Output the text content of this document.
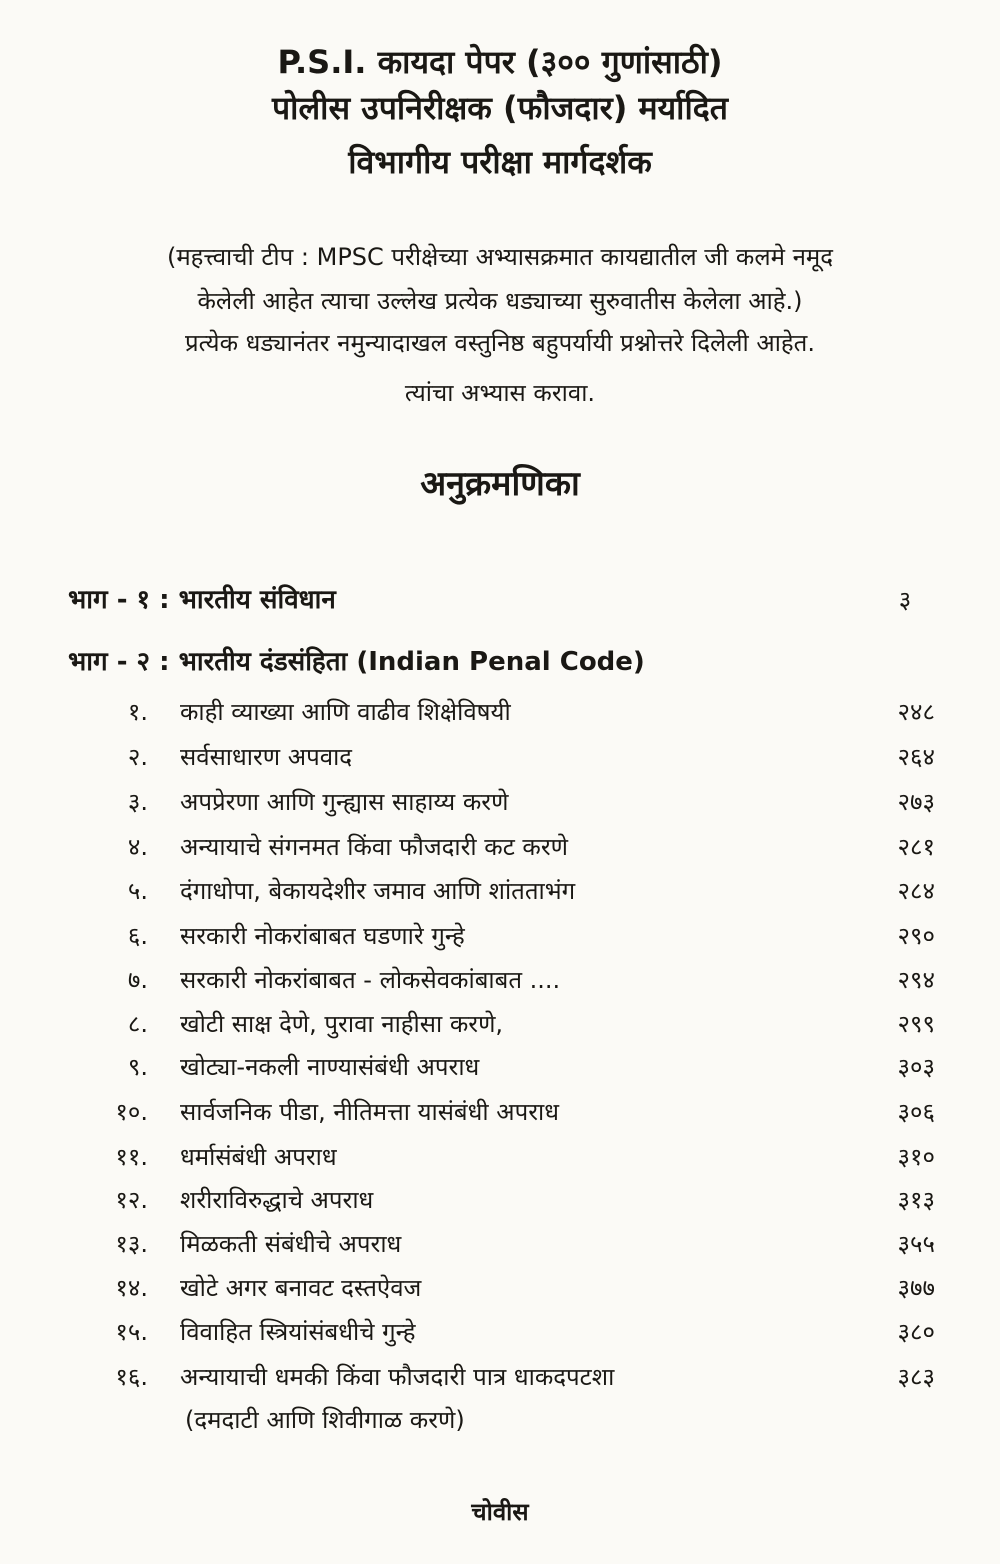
P.S.I. कायदा पेपर (३०० गुणांसाठी)
पोलीस उपनिरीक्षक (फौजदार) मर्यादित
विभागीय परीक्षा मार्गदर्शक
(महत्त्वाची टीप : MPSC परीक्षेच्या अभ्यासक्रमात कायद्यातील जी कलमे नमूद
केलेली आहेत त्याचा उल्लेख प्रत्येक धड्याच्या सुरुवातीस केलेला आहे.)
प्रत्येक धड्यानंतर नमुन्यादाखल वस्तुनिष्ठ बहुपर्यायी प्रश्नोत्तरे दिलेली आहेत.
त्यांचा अभ्यास करावा.
अनुक्रमणिका
भाग - १ : भारतीय संविधान	३
भाग - २ : भारतीय दंडसंहिता (Indian Penal Code)
१. काही व्याख्या आणि वाढीव शिक्षेविषयी	२४८
२. सर्वसाधारण अपवाद	२६४
३. अपप्रेरणा आणि गुन्ह्यास साहाय्य करणे	२७३
४. अन्यायाचे संगनमत किंवा फौजदारी कट करणे	२८१
५. दंगाधोपा, बेकायदेशीर जमाव आणि शांतताभंग	२८४
६. सरकारी नोकरांबाबत घडणारे गुन्हे	२९०
७. सरकारी नोकरांबाबत - लोकसेवकांबाबत ....	२९४
८. खोटी साक्ष देणे, पुरावा नाहीसा करणे,	२९९
९. खोट्या-नकली नाण्यासंबंधी अपराध	३०३
१०. सार्वजनिक पीडा, नीतिमत्ता यासंबंधी अपराध	३०६
११. धर्मासंबंधी अपराध	३१०
१२. शरीराविरुद्धाचे अपराध	३१३
१३. मिळकती संबंधीचे अपराध	३५५
१४. खोटे अगर बनावट दस्तऐवज	३७७
१५. विवाहित स्त्रियांसंबधीचे गुन्हे	३८०
१६. अन्यायाची धमकी किंवा फौजदारी पात्र धाकदपटशा	३८३
(दमदाटी आणि शिवीगाळ करणे)
चोवीस
